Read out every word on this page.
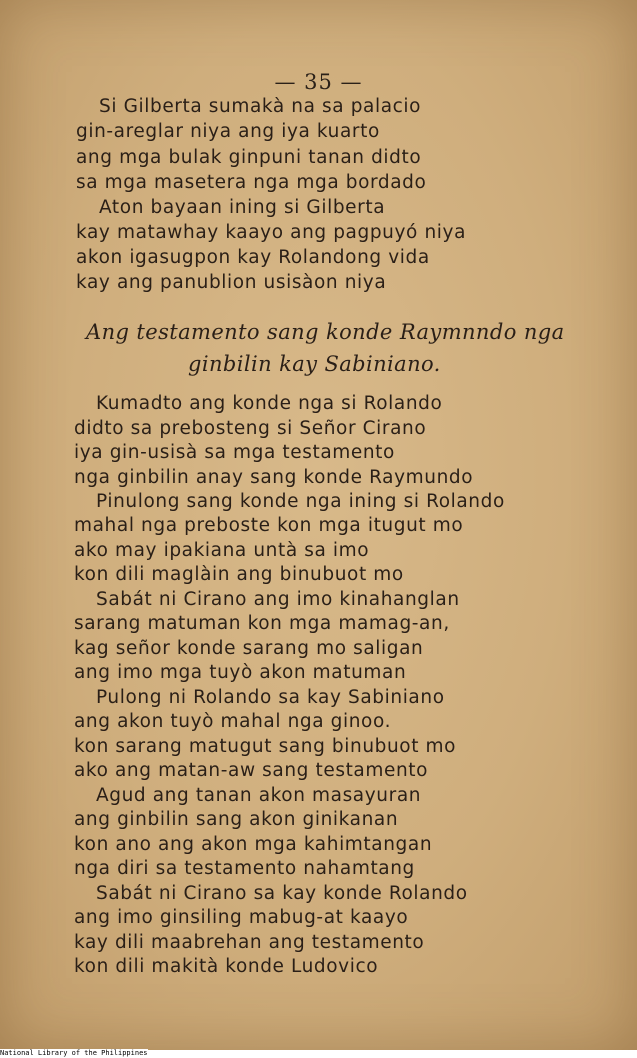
— 35 —

Si Gilberta sumakà na sa palacio

gin-areglar niya ang iya kuarto

ang mga bulak ginpuni tanan didto

sa mga masetera nga mga bordado

Aton bayaan ining si Gilberta

kay matawhay kaayo ang pagpuyó niya

akon igasugpon kay Rolandong vida

kay ang panublion usisàon niya

Ang testamento sang konde Raymnndo nga

ginbilin kay Sabiniano.

Kumadto ang konde nga si Rolando

didto sa prebosteng si Señor Cirano

iya gin-usisà sa mga testamento

nga ginbilin anay sang konde Raymundo

Pinulong sang konde nga ining si Rolando

mahal nga preboste kon mga itugut mo

ako may ipakiana untà sa imo

kon dili maglàin ang binubuot mo

Sabát ni Cirano ang imo kinahanglan

sarang matuman kon mga mamag-an,

kag señor konde sarang mo saligan

ang imo mga tuyò akon matuman

Pulong ni Rolando sa kay Sabiniano

ang akon tuyò mahal nga ginoo.

kon sarang matugut sang binubuot mo

ako ang matan-aw sang testamento

Agud ang tanan akon masayuran

ang ginbilin sang akon ginikanan

kon ano ang akon mga kahimtangan

nga diri sa testamento nahamtang

Sabát ni Cirano sa kay konde Rolando

ang imo ginsiling mabug-at kaayo

kay dili maabrehan ang testamento

kon dili makità konde Ludovico

National Library of the Philippines
